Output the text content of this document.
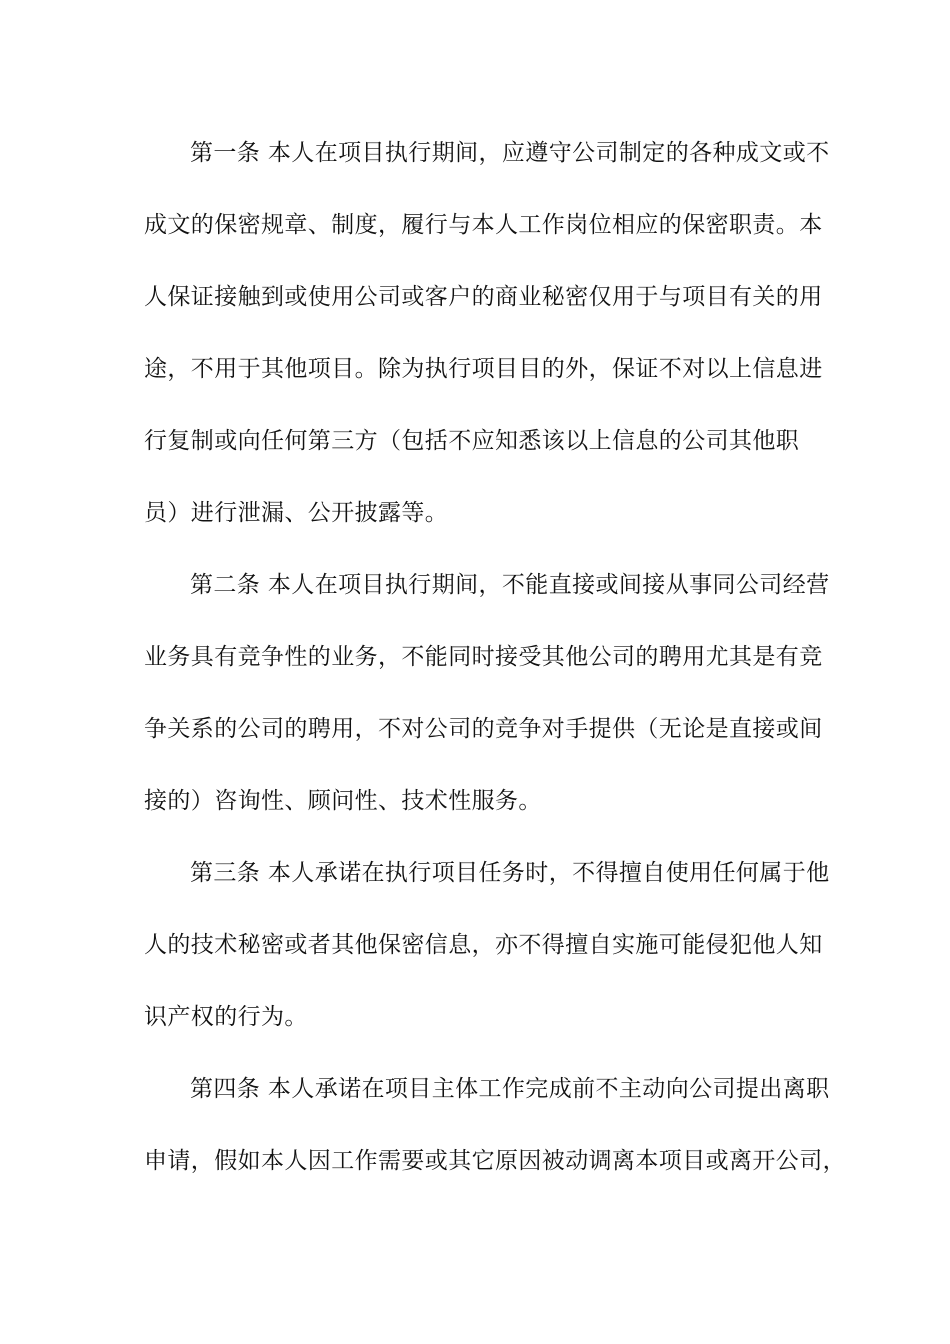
第一条 本人在项目执行期间，应遵守公司制定的各种成文或不
成文的保密规章、制度，履行与本人工作岗位相应的保密职责。本
人保证接触到或使用公司或客户的商业秘密仅用于与项目有关的用
途，不用于其他项目。除为执行项目目的外，保证不对以上信息进
行复制或向任何第三方（包括不应知悉该以上信息的公司其他职
员）进行泄漏、公开披露等。
第二条 本人在项目执行期间，不能直接或间接从事同公司经营
业务具有竞争性的业务，不能同时接受其他公司的聘用尤其是有竞
争关系的公司的聘用，不对公司的竞争对手提供（无论是直接或间
接的）咨询性、顾问性、技术性服务。
第三条 本人承诺在执行项目任务时，不得擅自使用任何属于他
人的技术秘密或者其他保密信息，亦不得擅自实施可能侵犯他人知
识产权的行为。
第四条 本人承诺在项目主体工作完成前不主动向公司提出离职
申请，假如本人因工作需要或其它原因被动调离本项目或离开公司，
